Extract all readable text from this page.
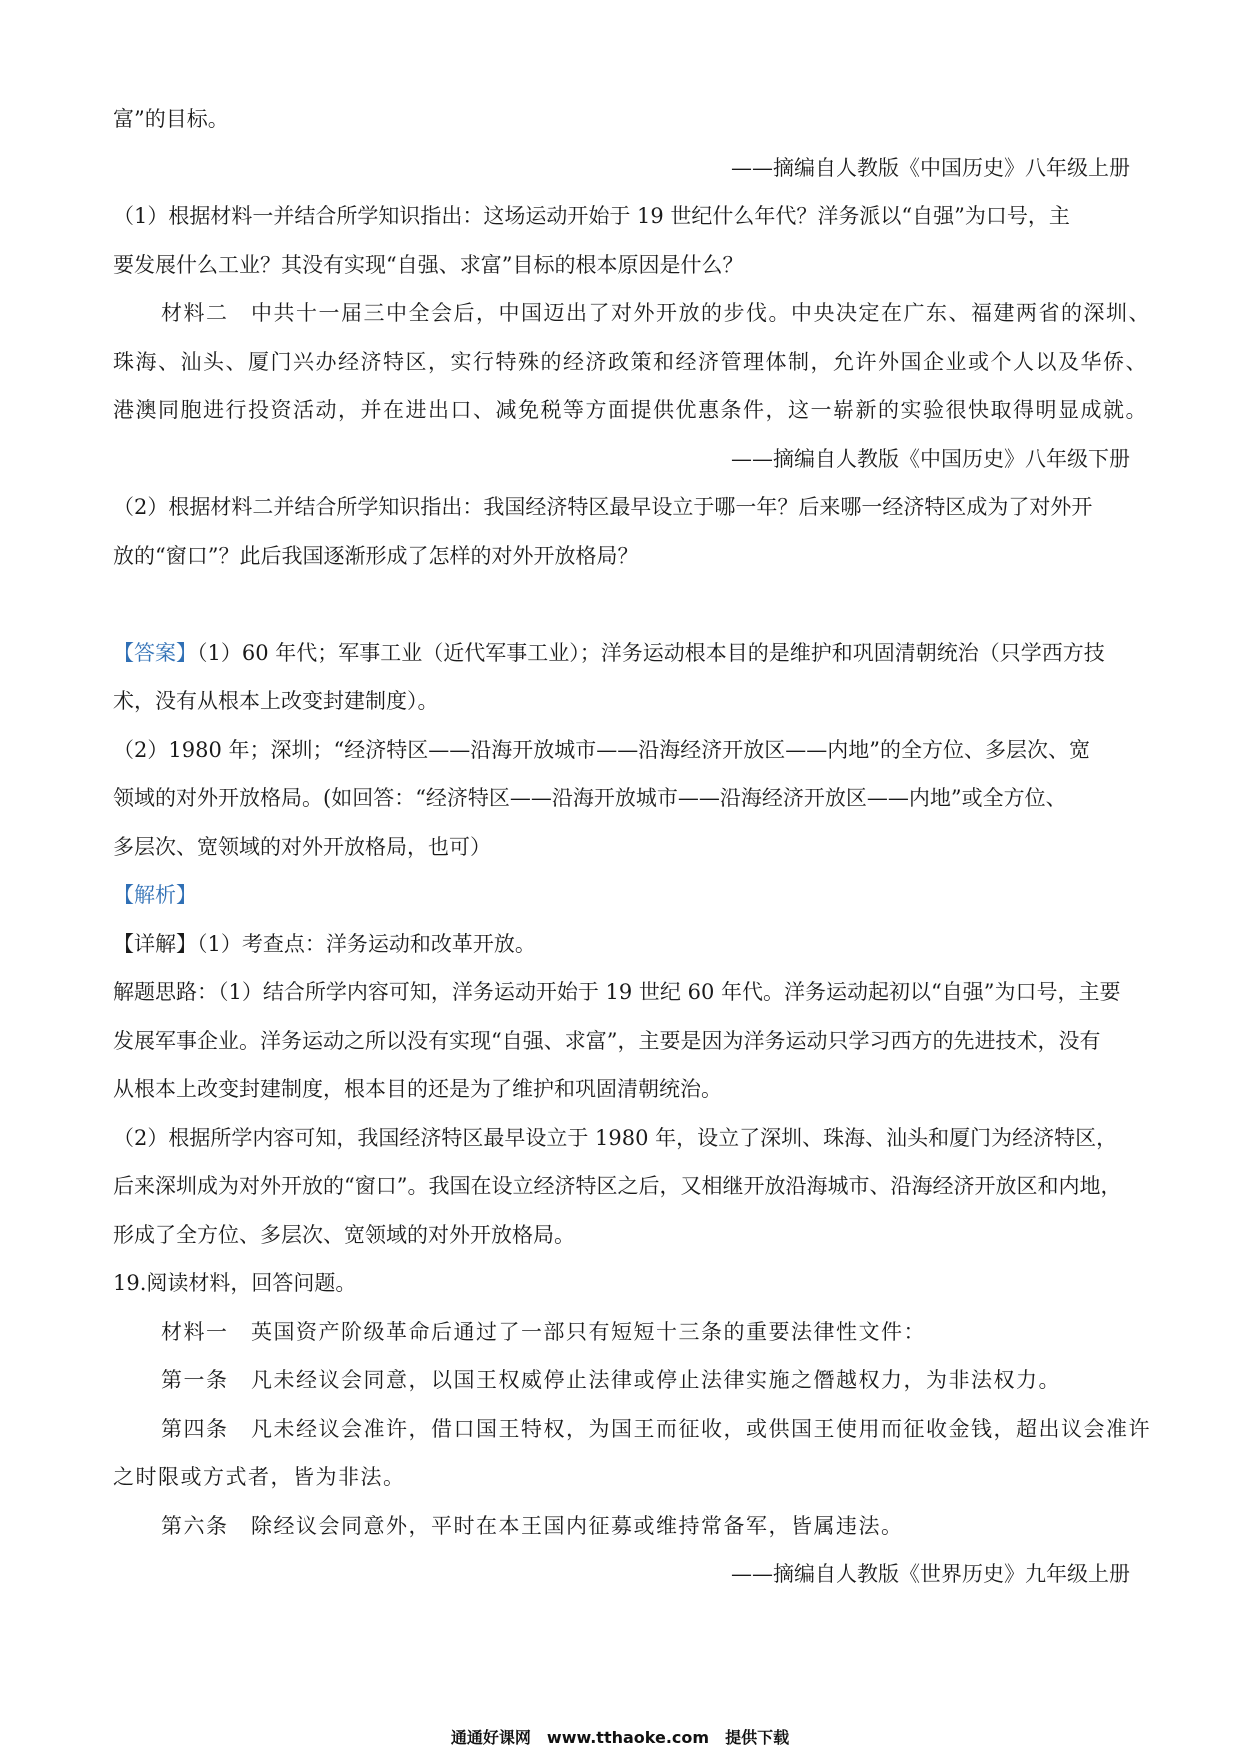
富”的目标。
——摘编自人教版《中国历史》八年级上册
（1）根据材料一并结合所学知识指出：这场运动开始于 19 世纪什么年代？洋务派以“自强”为口号，主
要发展什么工业？其没有实现“自强、求富”目标的根本原因是什么？
材料二　中共十一届三中全会后，中国迈出了对外开放的步伐。中央决定在广东、福建两省的深圳、
珠海、汕头、厦门兴办经济特区，实行特殊的经济政策和经济管理体制，允许外国企业或个人以及华侨、
港澳同胞进行投资活动，并在进出口、减免税等方面提供优惠条件，这一崭新的实验很快取得明显成就。
——摘编自人教版《中国历史》八年级下册
（2）根据材料二并结合所学知识指出：我国经济特区最早设立于哪一年？后来哪一经济特区成为了对外开
放的“窗口”？此后我国逐渐形成了怎样的对外开放格局？
【答案】（1）60 年代；军事工业（近代军事工业）；洋务运动根本目的是维护和巩固清朝统治（只学西方技
术，没有从根本上改变封建制度）。
（2）1980 年；深圳；“经济特区——沿海开放城市——沿海经济开放区——内地”的全方位、多层次、宽
领域的对外开放格局。(如回答：“经济特区——沿海开放城市——沿海经济开放区——内地”或全方位、
多层次、宽领域的对外开放格局，也可）
【解析】
【详解】（1）考查点：洋务运动和改革开放。
解题思路：（1）结合所学内容可知，洋务运动开始于 19 世纪 60 年代。洋务运动起初以“自强”为口号，主要
发展军事企业。洋务运动之所以没有实现“自强、求富”，主要是因为洋务运动只学习西方的先进技术，没有
从根本上改变封建制度，根本目的还是为了维护和巩固清朝统治。
（2）根据所学内容可知，我国经济特区最早设立于 1980 年，设立了深圳、珠海、汕头和厦门为经济特区，
后来深圳成为对外开放的“窗口”。我国在设立经济特区之后，又相继开放沿海城市、沿海经济开放区和内地，
形成了全方位、多层次、宽领域的对外开放格局。
19.阅读材料，回答问题。
材料一　英国资产阶级革命后通过了一部只有短短十三条的重要法律性文件：
第一条　凡未经议会同意，以国王权威停止法律或停止法律实施之僭越权力，为非法权力。
第四条　凡未经议会准许，借口国王特权，为国王而征收，或供国王使用而征收金钱，超出议会准许
之时限或方式者，皆为非法。
第六条　除经议会同意外，平时在本王国内征募或维持常备军，皆属违法。
——摘编自人教版《世界历史》九年级上册
通通好课网　www.tthaoke.com　提供下载
